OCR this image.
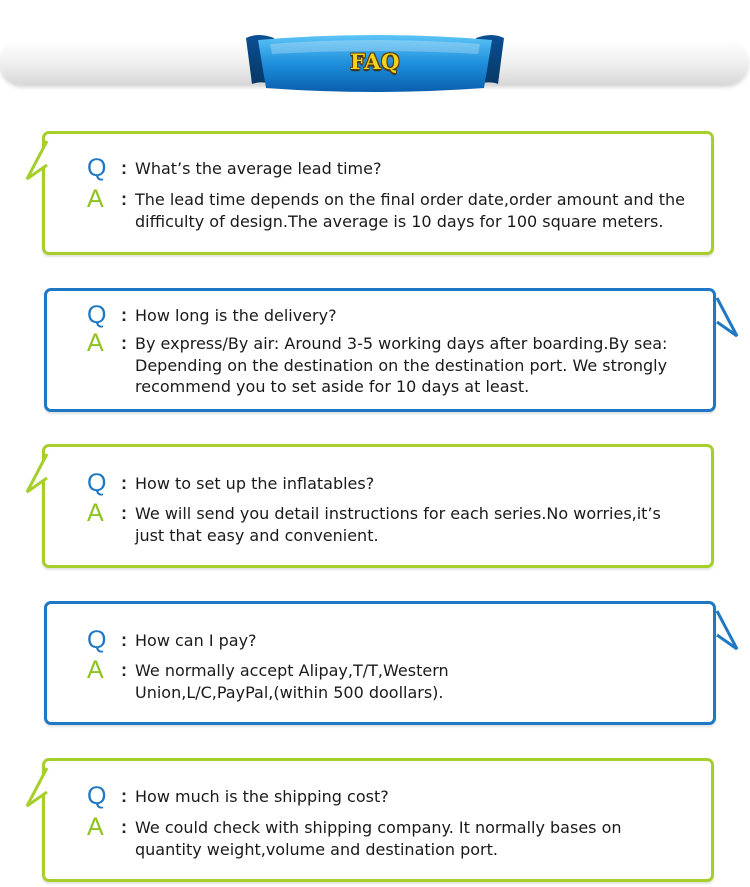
FAQ
Q : What’s the average lead time?
A : The lead time depends on the final order date,order amount and the difficulty of design.The average is 10 days for 100 square meters.
Q : How long is the delivery?
A : By express/By air: Around 3-5 working days after boarding.By sea: Depending on the destination on the destination port. We strongly recommend you to set aside for 10 days at least.
Q : How to set up the inflatables?
A : We will send you detail instructions for each series.No worries,it’s just that easy and convenient.
Q : How can I pay?
A : We normally accept Alipay,T/T,Western Union,L/C,PayPal,(within 500 doollars).
Q : How much is the shipping cost?
A : We could check with shipping company. It normally bases on quantity weight,volume and destination port.
